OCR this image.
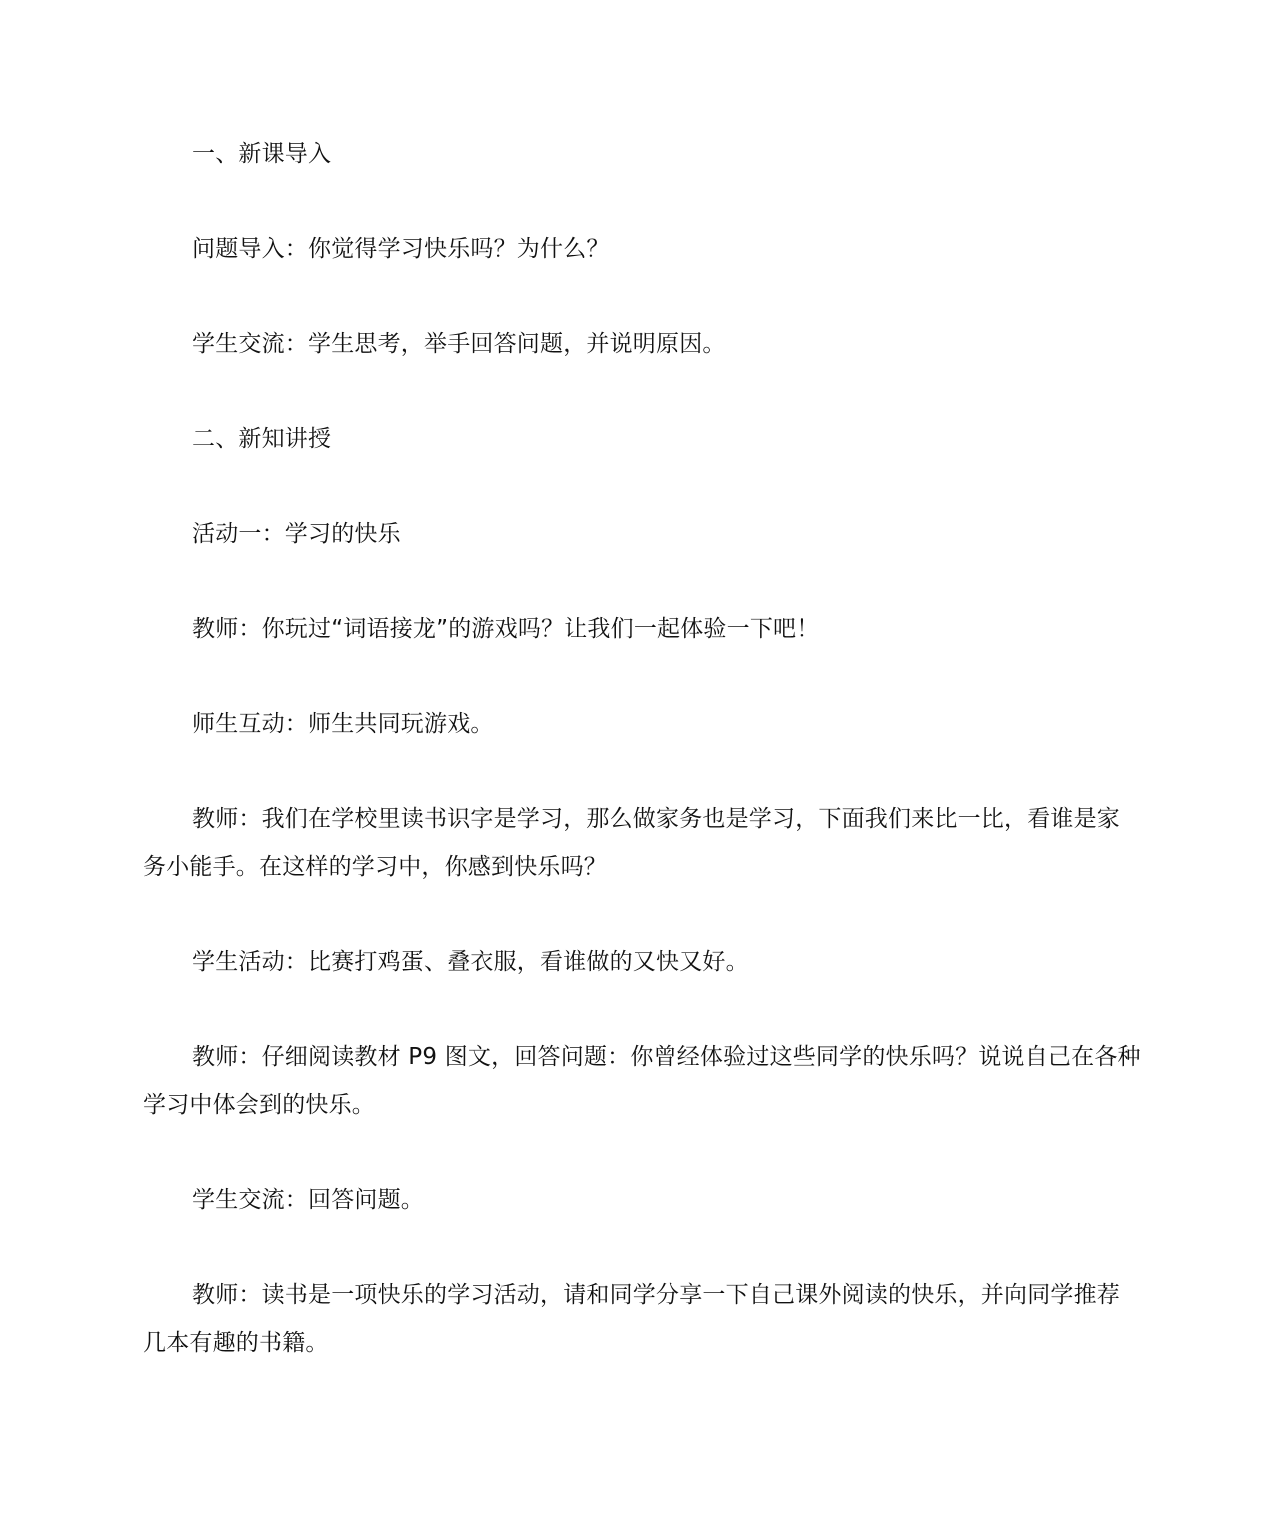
一、新课导入

问题导入：你觉得学习快乐吗？为什么？

学生交流：学生思考，举手回答问题，并说明原因。

二、新知讲授

活动一：学习的快乐

教师：你玩过“词语接龙”的游戏吗？让我们一起体验一下吧！

师生互动：师生共同玩游戏。

教师：我们在学校里读书识字是学习，那么做家务也是学习，下面我们来比一比，看谁是家务小能手。在这样的学习中，你感到快乐吗？

学生活动：比赛打鸡蛋、叠衣服，看谁做的又快又好。

教师：仔细阅读教材 P9 图文，回答问题：你曾经体验过这些同学的快乐吗？说说自己在各种学习中体会到的快乐。

学生交流：回答问题。

教师：读书是一项快乐的学习活动，请和同学分享一下自己课外阅读的快乐，并向同学推荐几本有趣的书籍。
